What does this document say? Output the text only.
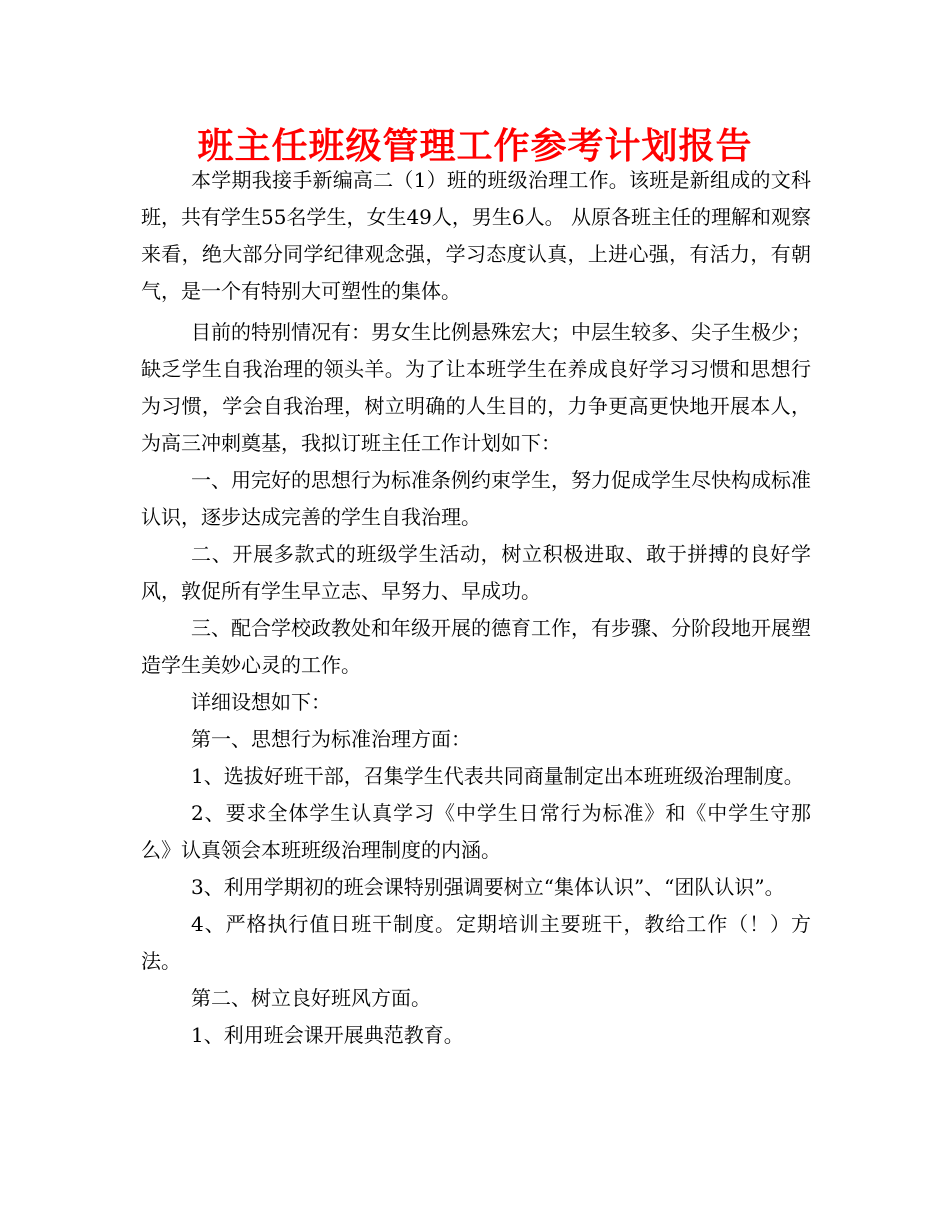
班主任班级管理工作参考计划报告

本学期我接手新编高二（1）班的班级治理工作。该班是新组成的文科班，共有学生55名学生，女生49人，男生6人。 从原各班主任的理解和观察来看，绝大部分同学纪律观念强，学习态度认真，上进心强，有活力，有朝气，是一个有特别大可塑性的集体。

目前的特别情况有：男女生比例悬殊宏大；中层生较多、尖子生极少；缺乏学生自我治理的领头羊。为了让本班学生在养成良好学习习惯和思想行为习惯，学会自我治理，树立明确的人生目的，力争更高更快地开展本人，为高三冲刺奠基，我拟订班主任工作计划如下：

一、用完好的思想行为标准条例约束学生，努力促成学生尽快构成标准认识，逐步达成完善的学生自我治理。

二、开展多款式的班级学生活动，树立积极进取、敢于拼搏的良好学风，敦促所有学生早立志、早努力、早成功。

三、配合学校政教处和年级开展的德育工作，有步骤、分阶段地开展塑造学生美妙心灵的工作。

详细设想如下：

第一、思想行为标准治理方面：

1、选拔好班干部，召集学生代表共同商量制定出本班班级治理制度。

2、要求全体学生认真学习《中学生日常行为标准》和《中学生守那么》认真领会本班班级治理制度的内涵。

3、利用学期初的班会课特别强调要树立“集体认识”、“团队认识”。

4、严格执行值日班干制度。定期培训主要班干，教给工作（！）方法。

第二、树立良好班风方面。

1、利用班会课开展典范教育。
